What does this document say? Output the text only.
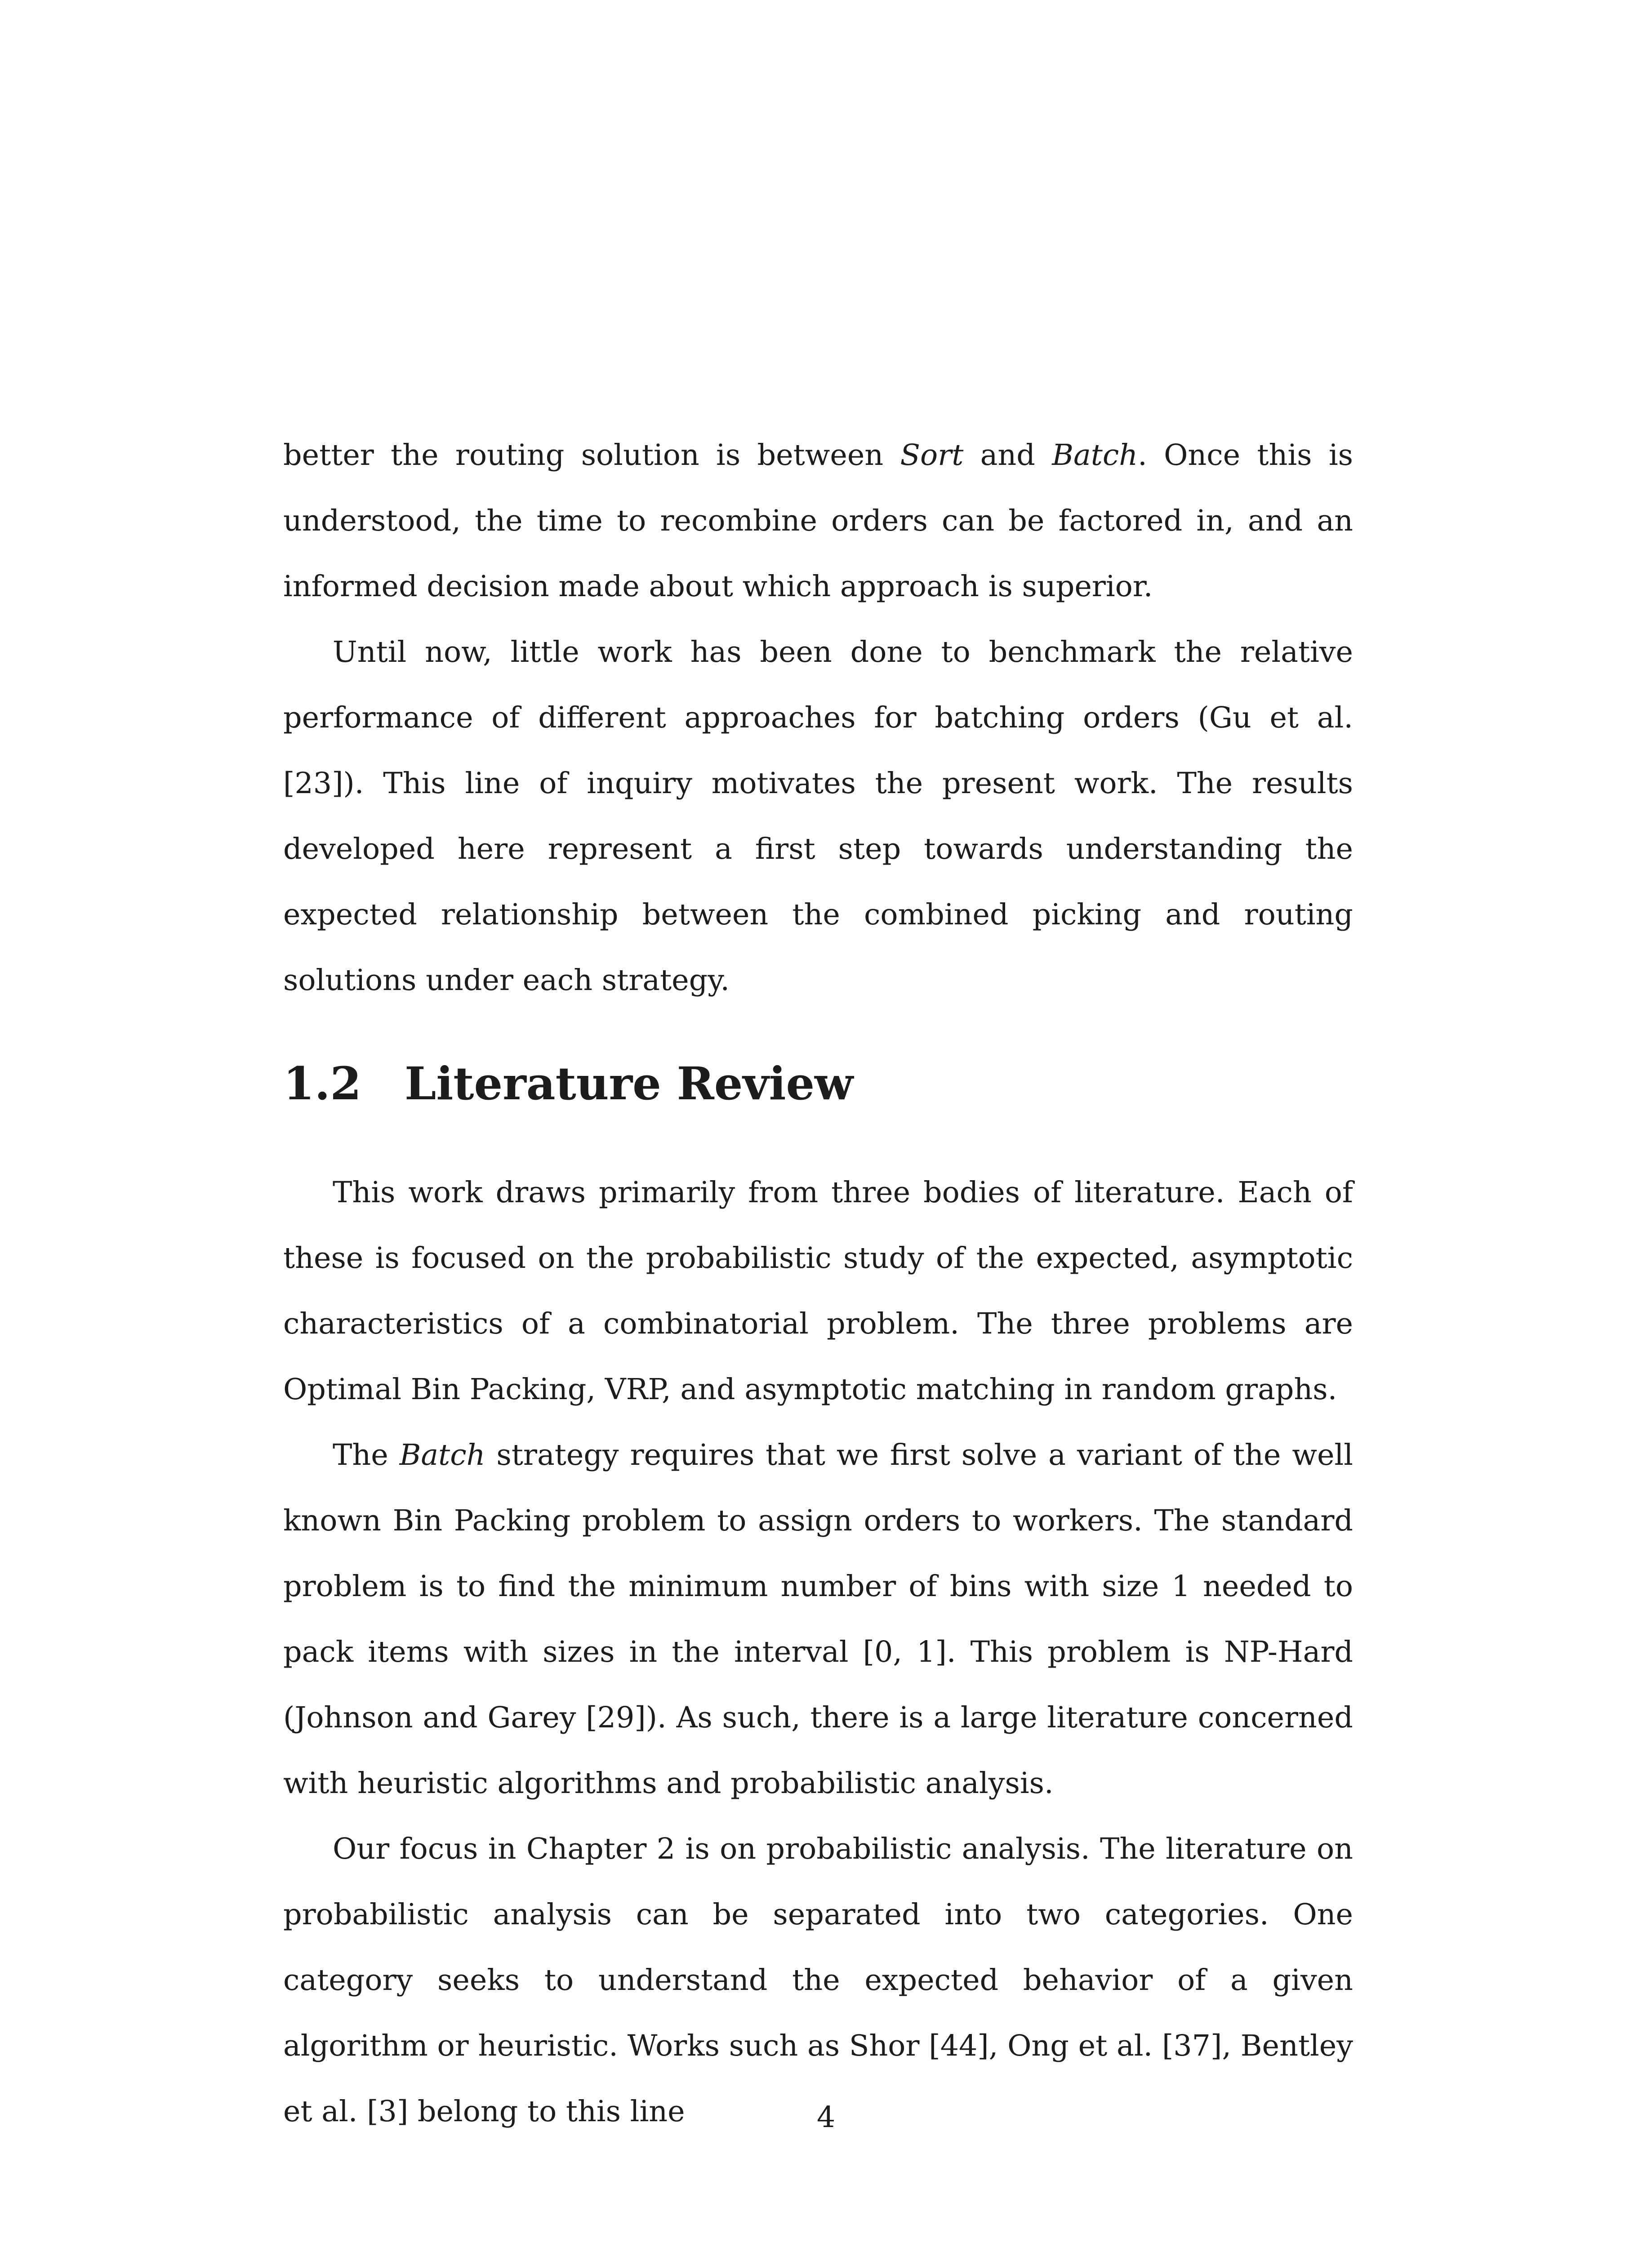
better the routing solution is between Sort and Batch. Once this is understood, the time to recombine orders can be factored in, and an informed decision made about which approach is superior.

Until now, little work has been done to benchmark the relative performance of different approaches for batching orders (Gu et al. [23]). This line of inquiry motivates the present work. The results developed here represent a first step towards understanding the expected relationship between the combined picking and routing solutions under each strategy.

1.2 Literature Review

This work draws primarily from three bodies of literature. Each of these is focused on the probabilistic study of the expected, asymptotic characteristics of a combinatorial problem. The three problems are Optimal Bin Packing, VRP, and asymptotic matching in random graphs.

The Batch strategy requires that we first solve a variant of the well known Bin Packing problem to assign orders to workers. The standard problem is to find the minimum number of bins with size 1 needed to pack items with sizes in the interval [0, 1]. This problem is NP-Hard (Johnson and Garey [29]). As such, there is a large literature concerned with heuristic algorithms and probabilistic analysis.

Our focus in Chapter 2 is on probabilistic analysis. The literature on probabilistic analysis can be separated into two categories. One category seeks to understand the expected behavior of a given algorithm or heuristic. Works such as Shor [44], Ong et al. [37], Bentley et al. [3] belong to this line	4
